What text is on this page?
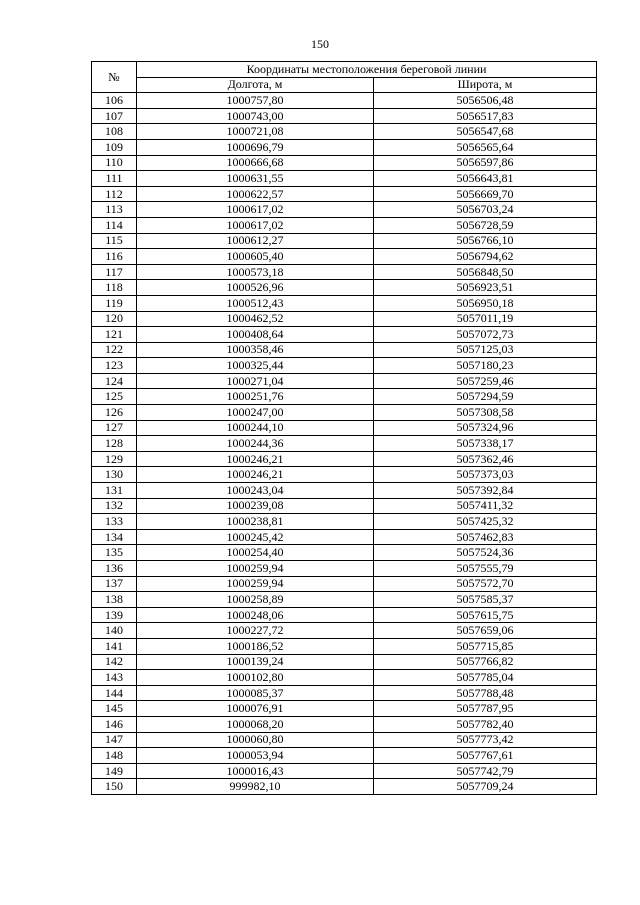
150
№	Координаты местоположения береговой линии	
	Долгота, м	Широта, м
106	1000757,80	5056506,48
107	1000743,00	5056517,83
108	1000721,08	5056547,68
109	1000696,79	5056565,64
110	1000666,68	5056597,86
111	1000631,55	5056643,81
112	1000622,57	5056669,70
113	1000617,02	5056703,24
114	1000617,02	5056728,59
115	1000612,27	5056766,10
116	1000605,40	5056794,62
117	1000573,18	5056848,50
118	1000526,96	5056923,51
119	1000512,43	5056950,18
120	1000462,52	5057011,19
121	1000408,64	5057072,73
122	1000358,46	5057125,03
123	1000325,44	5057180,23
124	1000271,04	5057259,46
125	1000251,76	5057294,59
126	1000247,00	5057308,58
127	1000244,10	5057324,96
128	1000244,36	5057338,17
129	1000246,21	5057362,46
130	1000246,21	5057373,03
131	1000243,04	5057392,84
132	1000239,08	5057411,32
133	1000238,81	5057425,32
134	1000245,42	5057462,83
135	1000254,40	5057524,36
136	1000259,94	5057555,79
137	1000259,94	5057572,70
138	1000258,89	5057585,37
139	1000248,06	5057615,75
140	1000227,72	5057659,06
141	1000186,52	5057715,85
142	1000139,24	5057766,82
143	1000102,80	5057785,04
144	1000085,37	5057788,48
145	1000076,91	5057787,95
146	1000068,20	5057782,40
147	1000060,80	5057773,42
148	1000053,94	5057767,61
149	1000016,43	5057742,79
150	999982,10	5057709,24
